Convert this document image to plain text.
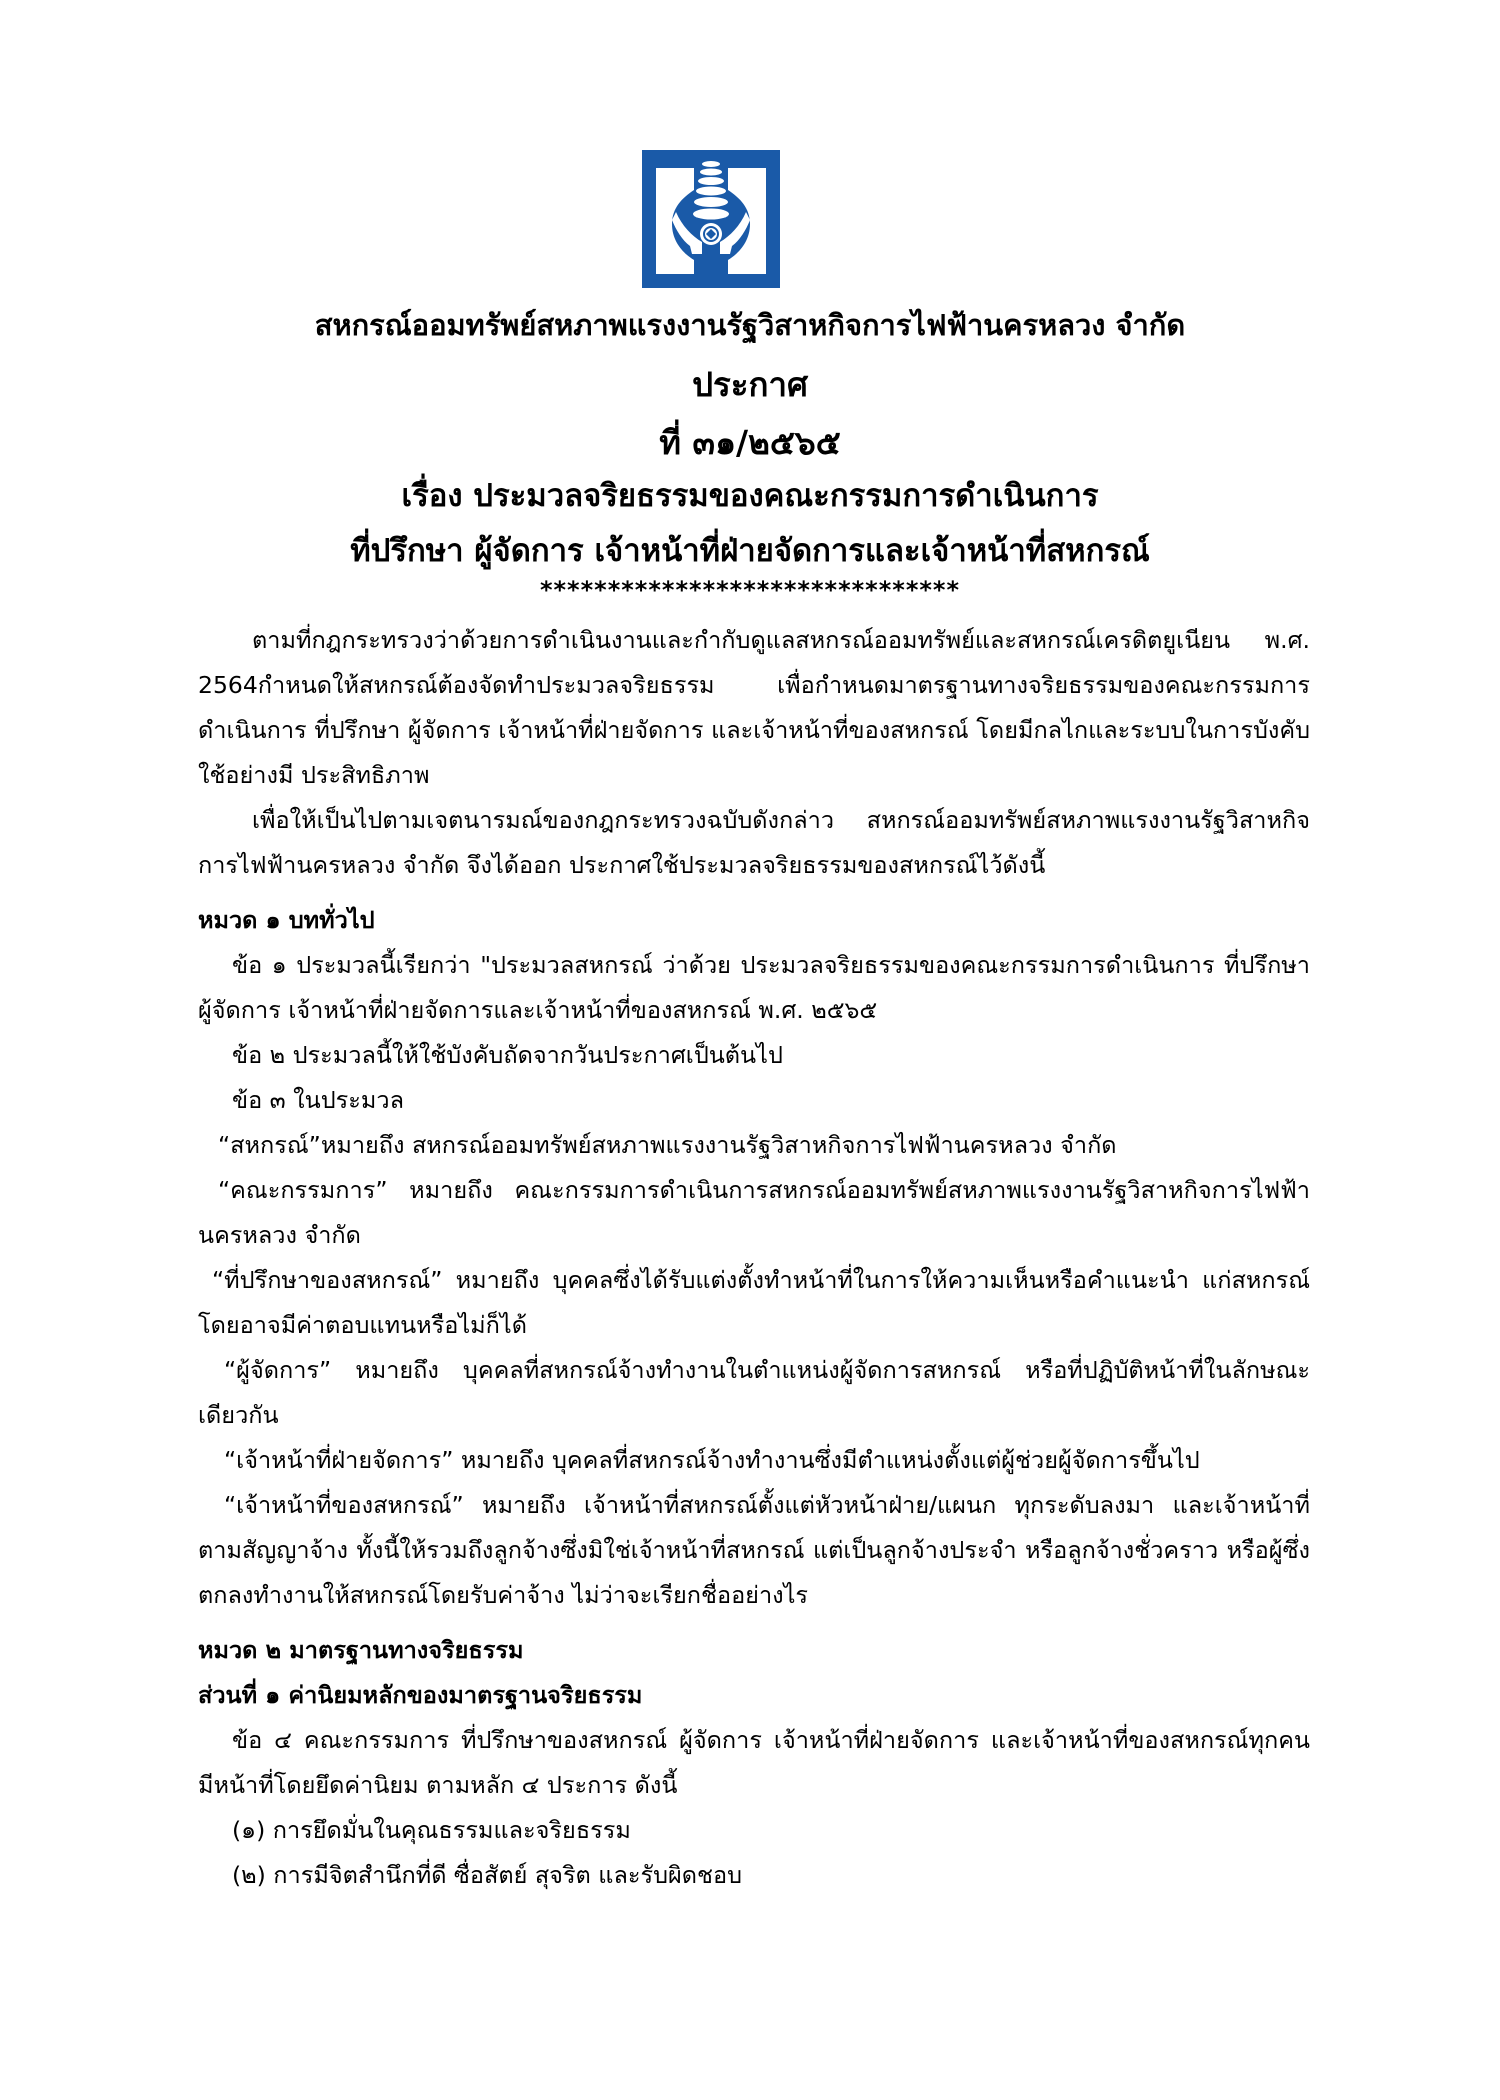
สหกรณ์ออมทรัพย์สหภาพแรงงานรัฐวิสาหกิจการไฟฟ้านครหลวง จำกัด
ประกาศ
ที่ ๓๑/๒๕๖๕
เรื่อง ประมวลจริยธรรมของคณะกรรมการดำเนินการ
ที่ปรึกษา ผู้จัดการ เจ้าหน้าที่ฝ่ายจัดการและเจ้าหน้าที่สหกรณ์
*******************************

ตามที่กฎกระทรวงว่าด้วยการดำเนินงานและกำกับดูแลสหกรณ์ออมทรัพย์และสหกรณ์เครดิตยูเนียน พ.ศ. 2564กำหนดให้สหกรณ์ต้องจัดทำประมวลจริยธรรม เพื่อกำหนดมาตรฐานทางจริยธรรมของคณะกรรมการดำเนินการ ที่ปรึกษา ผู้จัดการ เจ้าหน้าที่ฝ่ายจัดการ และเจ้าหน้าที่ของสหกรณ์ โดยมีกลไกและระบบในการบังคับใช้อย่างมี ประสิทธิภาพ

เพื่อให้เป็นไปตามเจตนารมณ์ของกฎกระทรวงฉบับดังกล่าว สหกรณ์ออมทรัพย์สหภาพแรงงานรัฐวิสาหกิจการไฟฟ้านครหลวง จำกัด จึงได้ออก ประกาศใช้ประมวลจริยธรรมของสหกรณ์ไว้ดังนี้

หมวด ๑ บททั่วไป

ข้อ ๑ ประมวลนี้เรียกว่า "ประมวลสหกรณ์ ว่าด้วย ประมวลจริยธรรมของคณะกรรมการดำเนินการ ที่ปรึกษา ผู้จัดการ เจ้าหน้าที่ฝ่ายจัดการและเจ้าหน้าที่ของสหกรณ์ พ.ศ. ๒๕๖๕

ข้อ ๒ ประมวลนี้ให้ใช้บังคับถัดจากวันประกาศเป็นต้นไป

ข้อ ๓ ในประมวล

“สหกรณ์”หมายถึง สหกรณ์ออมทรัพย์สหภาพแรงงานรัฐวิสาหกิจการไฟฟ้านครหลวง จำกัด

“คณะกรรมการ” หมายถึง คณะกรรมการดำเนินการสหกรณ์ออมทรัพย์สหภาพแรงงานรัฐวิสาหกิจการไฟฟ้านครหลวง จำกัด

“ที่ปรึกษาของสหกรณ์” หมายถึง บุคคลซึ่งได้รับแต่งตั้งทำหน้าที่ในการให้ความเห็นหรือคำแนะนำ แก่สหกรณ์โดยอาจมีค่าตอบแทนหรือไม่ก็ได้

“ผู้จัดการ” หมายถึง บุคคลที่สหกรณ์จ้างทำงานในตำแหน่งผู้จัดการสหกรณ์ หรือที่ปฏิบัติหน้าที่ในลักษณะเดียวกัน

“เจ้าหน้าที่ฝ่ายจัดการ” หมายถึง บุคคลที่สหกรณ์จ้างทำงานซึ่งมีตำแหน่งตั้งแต่ผู้ช่วยผู้จัดการขึ้นไป

“เจ้าหน้าที่ของสหกรณ์” หมายถึง เจ้าหน้าที่สหกรณ์ตั้งแต่หัวหน้าฝ่าย/แผนก ทุกระดับลงมา และเจ้าหน้าที่ตามสัญญาจ้าง ทั้งนี้ให้รวมถึงลูกจ้างซึ่งมิใช่เจ้าหน้าที่สหกรณ์ แต่เป็นลูกจ้างประจำ หรือลูกจ้างชั่วคราว หรือผู้ซึ่งตกลงทำงานให้สหกรณ์โดยรับค่าจ้าง ไม่ว่าจะเรียกชื่ออย่างไร

หมวด ๒ มาตรฐานทางจริยธรรม

ส่วนที่ ๑ ค่านิยมหลักของมาตรฐานจริยธรรม

ข้อ ๔ คณะกรรมการ ที่ปรึกษาของสหกรณ์ ผู้จัดการ เจ้าหน้าที่ฝ่ายจัดการ และเจ้าหน้าที่ของสหกรณ์ทุกคนมีหน้าที่โดยยึดค่านิยม ตามหลัก ๔ ประการ ดังนี้

(๑) การยึดมั่นในคุณธรรมและจริยธรรม

(๒) การมีจิตสำนึกที่ดี ซื่อสัตย์ สุจริต และรับผิดชอบ
